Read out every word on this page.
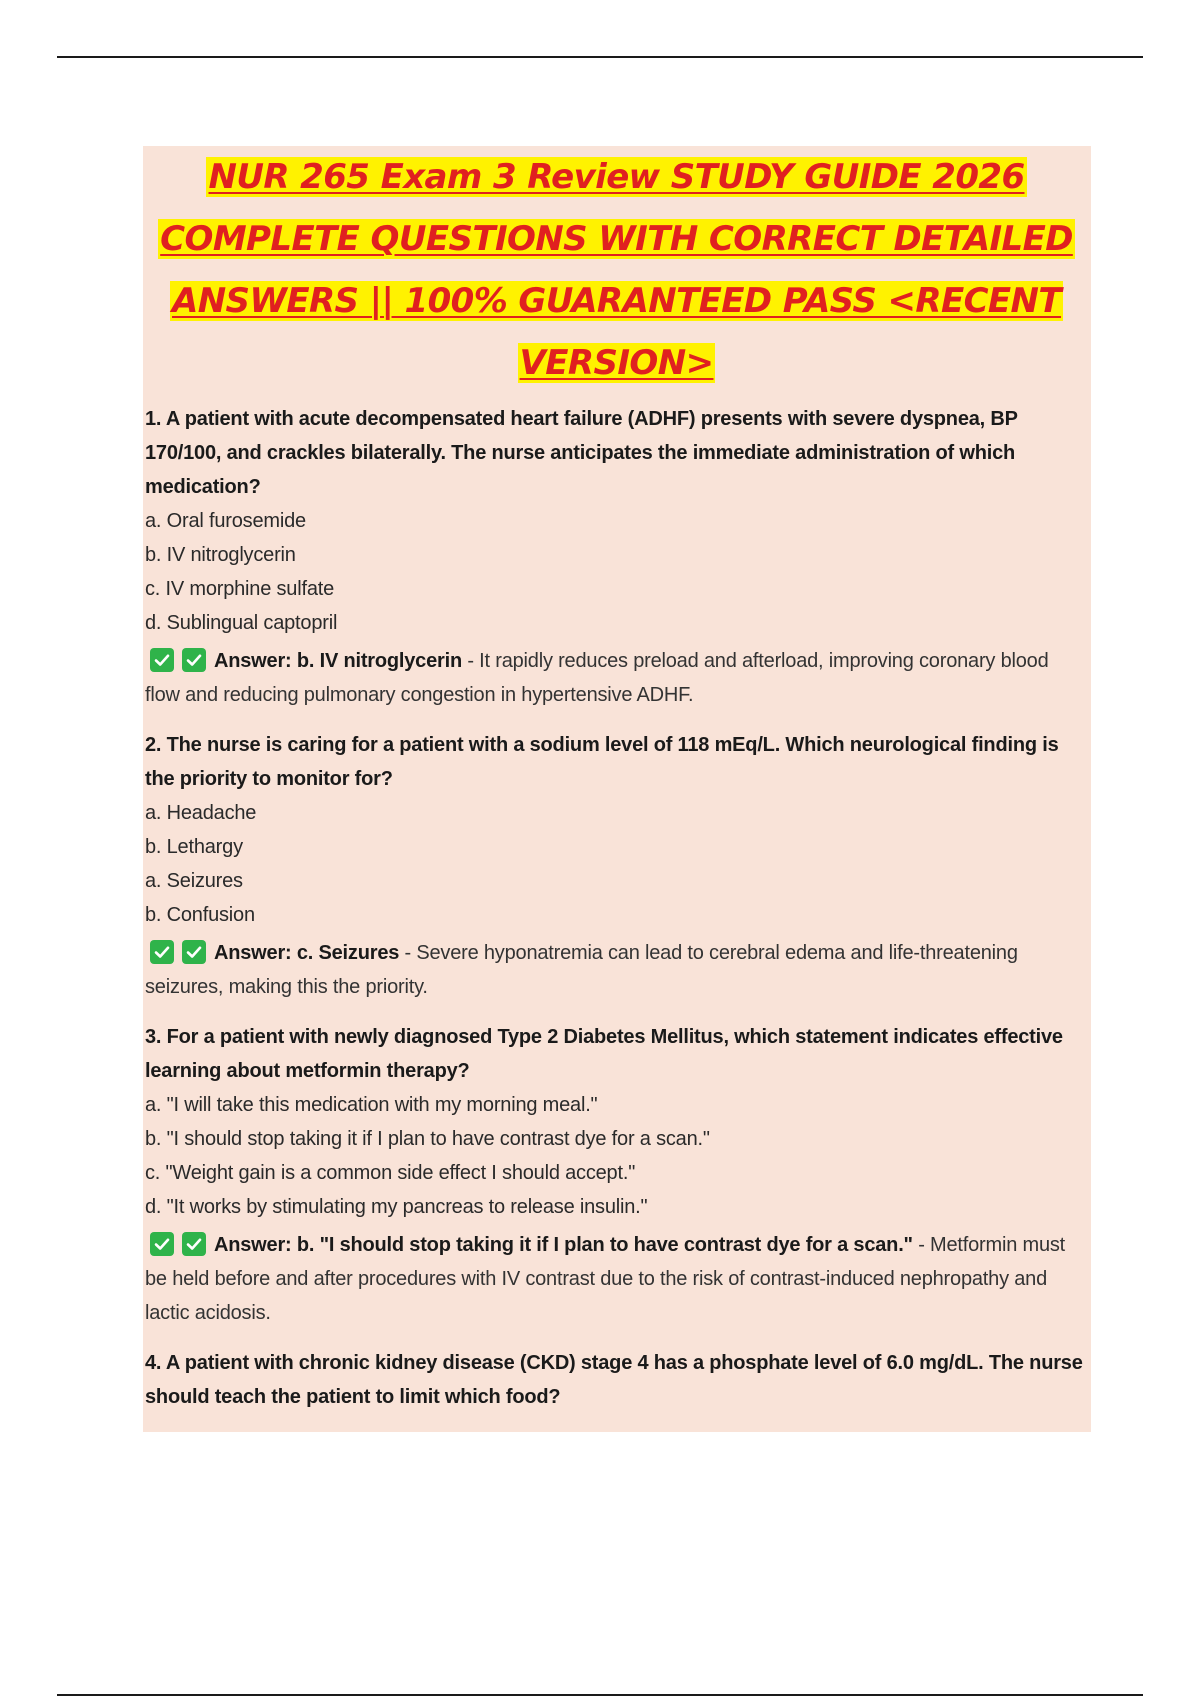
NUR 265 Exam 3 Review STUDY GUIDE 2026
COMPLETE QUESTIONS WITH CORRECT DETAILED
ANSWERS || 100% GUARANTEED PASS <RECENT
VERSION>

1. A patient with acute decompensated heart failure (ADHF) presents with severe dyspnea, BP 170/100, and crackles bilaterally. The nurse anticipates the immediate administration of which medication?

a. Oral furosemide

b. IV nitroglycerin

c. IV morphine sulfate

d. Sublingual captopril

Answer: b. IV nitroglycerin - It rapidly reduces preload and afterload, improving coronary blood flow and reducing pulmonary congestion in hypertensive ADHF.

2. The nurse is caring for a patient with a sodium level of 118 mEq/L. Which neurological finding is the priority to monitor for?

a. Headache

b. Lethargy

a. Seizures

b. Confusion

Answer: c. Seizures - Severe hyponatremia can lead to cerebral edema and life-threatening seizures, making this the priority.

3. For a patient with newly diagnosed Type 2 Diabetes Mellitus, which statement indicates effective learning about metformin therapy?

a. "I will take this medication with my morning meal."

b. "I should stop taking it if I plan to have contrast dye for a scan."

c. "Weight gain is a common side effect I should accept."

d. "It works by stimulating my pancreas to release insulin."

Answer: b. "I should stop taking it if I plan to have contrast dye for a scan." - Metformin must be held before and after procedures with IV contrast due to the risk of contrast-induced nephropathy and lactic acidosis.

4. A patient with chronic kidney disease (CKD) stage 4 has a phosphate level of 6.0 mg/dL. The nurse should teach the patient to limit which food?
